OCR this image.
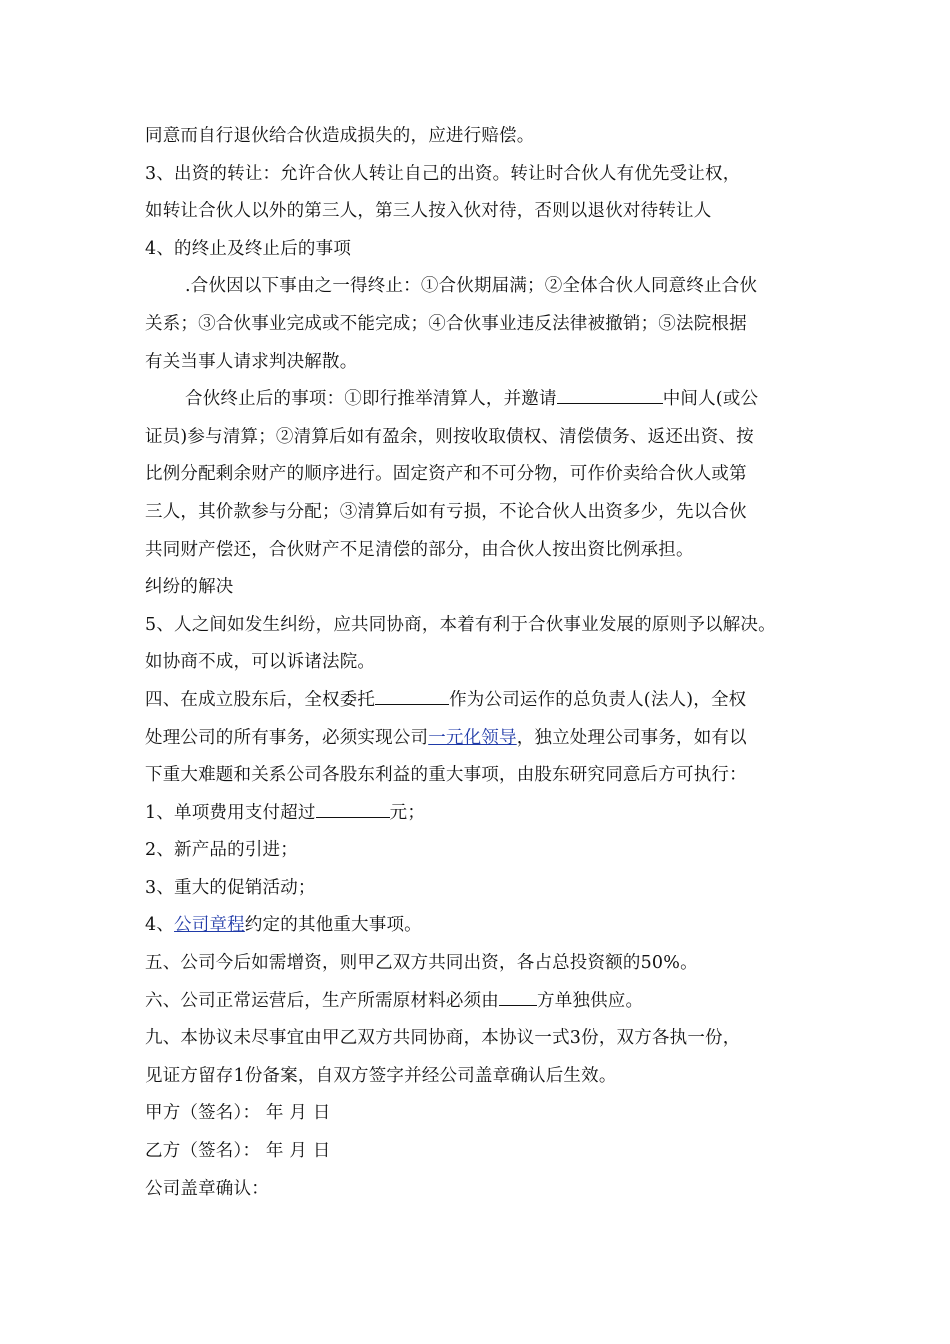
同意而自行退伙给合伙造成损失的，应进行赔偿。
3、出资的转让：允许合伙人转让自己的出资。转让时合伙人有优先受让权，
如转让合伙人以外的第三人，第三人按入伙对待，否则以退伙对待转让人
4、的终止及终止后的事项
.合伙因以下事由之一得终止：①合伙期届满；②全体合伙人同意终止合伙
关系；③合伙事业完成或不能完成；④合伙事业违反法律被撤销；⑤法院根据
有关当事人请求判决解散。
合伙终止后的事项：①即行推举清算人，并邀请	中间人(或公
证员)参与清算；②清算后如有盈余，则按收取债权、清偿债务、返还出资、按
比例分配剩余财产的顺序进行。固定资产和不可分物，可作价卖给合伙人或第
三人，其价款参与分配；③清算后如有亏损，不论合伙人出资多少，先以合伙
共同财产偿还，合伙财产不足清偿的部分，由合伙人按出资比例承担。
纠纷的解决
5、人之间如发生纠纷，应共同协商，本着有利于合伙事业发展的原则予以解决。
如协商不成，可以诉诸法院。
四、在成立股东后，全权委托	作为公司运作的总负责人(法人)，全权
处理公司的所有事务，必须实现公司一元化领导，独立处理公司事务，如有以
下重大难题和关系公司各股东利益的重大事项，由股东研究同意后方可执行：
1、单项费用支付超过	元；
2、新产品的引进；
3、重大的促销活动；
4、公司章程约定的其他重大事项。
五、公司今后如需增资，则甲乙双方共同出资，各占总投资额的50%。
六、公司正常运营后，生产所需原材料必须由 方单独供应。
九、本协议未尽事宜由甲乙双方共同协商，本协议一式3份，双方各执一份，
见证方留存1份备案，自双方签字并经公司盖章确认后生效。
甲方（签名）： 年 月 日
乙方（签名）： 年 月 日
公司盖章确认：
